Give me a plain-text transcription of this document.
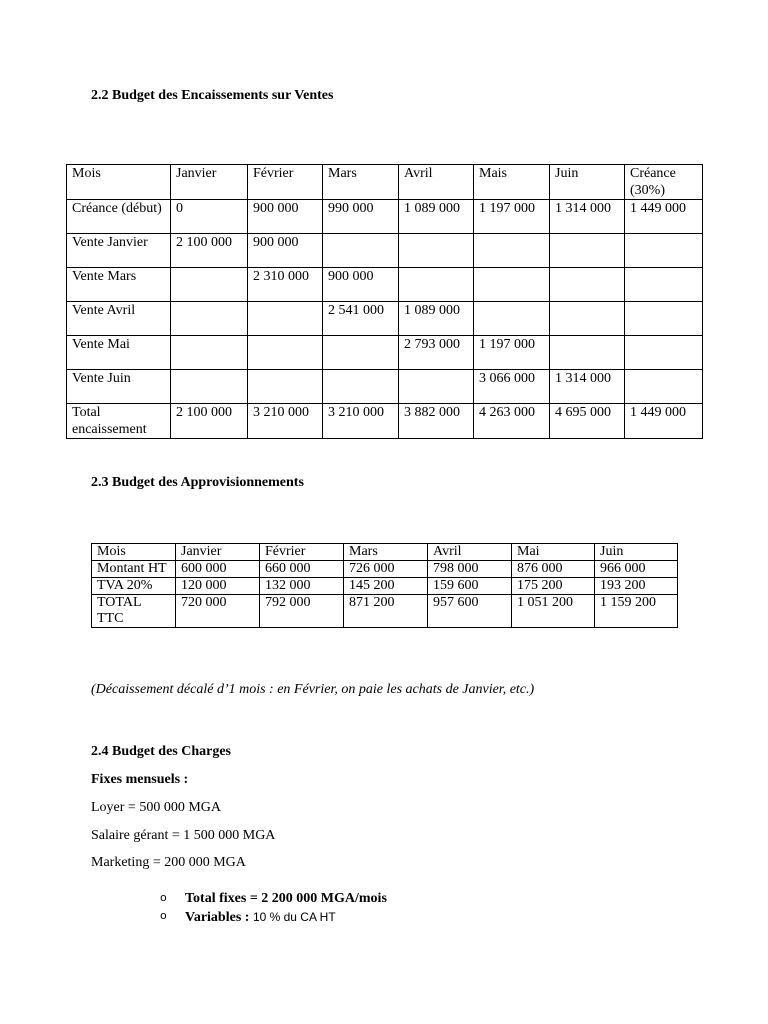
2.2 Budget des Encaissements sur Ventes
Mois	Janvier	Février	Mars	Avril	Mais	Juin	Créance (30%)
Créance (début)	0	900 000	990 000	1 089 000	1 197 000	1 314 000	1 449 000
Vente Janvier	2 100 000	900 000					
Vente Mars		2 310 000	900 000				
Vente Avril			2 541 000	1 089 000			
Vente Mai				2 793 000	1 197 000		
Vente Juin					3 066 000	1 314 000	
Total encaissement	2 100 000	3 210 000	3 210 000	3 882 000	4 263 000	4 695 000	1 449 000
2.3 Budget des Approvisionnements
Mois	Janvier	Février	Mars	Avril	Mai	Juin
Montant HT	600 000	660 000	726 000	798 000	876 000	966 000
TVA 20%	120 000	132 000	145 200	159 600	175 200	193 200
TOTAL TTC	720 000	792 000	871 200	957 600	1 051 200	1 159 200

(Décaissement décalé d’1 mois : en Février, on paie les achats de Janvier, etc.)

2.4 Budget des Charges
Fixes mensuels :

Loyer = 500 000 MGA

Salaire gérant = 1 500 000 MGA

Marketing = 200 000 MGA

o Total fixes = 2 200 000 MGA/mois
o Variables : 10 % du CA HT
